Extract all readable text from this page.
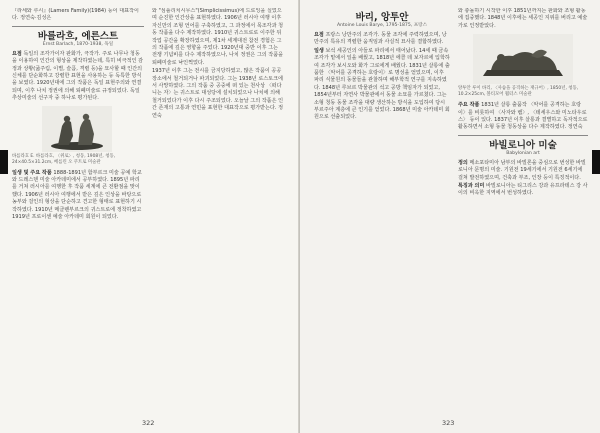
『라세와 루시』(Lamers Family)(1984) 등이 대표작이다. 정연숙·김성은

바를라흐, 에른스트
Ernst Barlach, 1870-1938, 독일

요점 독일의 조각가이자 판화가, 극작가. 주로 나무나 청동을 이용하여 인간의 형상을 제작하였는데, 특히 비극적인 감정과 상황(굶주림, 이별, 슬픔, 격렬 등)을 묘사할 때 인간의 신체를 단순화하고 강렬한 표현을 사용하는 등 독특한 방식을 보였다. 1920년대에 그의 작품은 독일 표현주의와 연결되며, 이후 나치 정권에 의해 퇴폐미술로 규정되었다. 독일 추상미술의 선구자 중 하나로 평가된다.

바를라흐 E. 바를라흐, 〈위로〉, 청동, 1908년, 청동, 24×40.5×31.2cm, 베를린 오 쿠트로 미술관

일생 및 주요 작품 1888-1891년 함부르크 미술 공예 학교와 드레스덴 미술 아카데미에서 공부하였다. 1895년 파리를 거쳐 러시아를 여행한 후 작품 세계에 큰 전환점을 맞이했다. 1906년 러시아 여행에서 받은 깊은 인상을 바탕으로 농부와 걸인의 형상을 단순하고 견고한 형태로 표현하기 시작하였다. 1910년 메클렌부르크의 귀스트로에 정착하였고 1919년 프로이센 예술 아카데미 회원이 되었다.

와 "심플리치시무스"(Simplicissimus)에 드로잉을 실었으며 순진한 인간상을 표현하였다. 1906년 러시아 여행 이후 자신만의 조형 언어를 구축하였고, 그 과정에서 목조각과 청동 작품을 다수 제작하였다. 1910년 귀스트로로 이주한 뒤 작업 공간을 확장하였으며, 제1차 세계대전 참전 경험은 그의 작품에 깊은 영향을 주었다. 1920년대 중반 이후 그는 전쟁 기념비를 다수 제작하였으나, 나치 정권은 그의 작품을 퇴폐미술로 낙인찍었다.

1937년 이후 그는 전시를 금지당하였고, 많은 작품이 공공장소에서 철거되거나 파괴되었다. 그는 1938년 로스토크에서 사망하였다. 그의 작품 중 공중에 떠 있는 천사상 〈떠다니는 자〉는 귀스트로 대성당에 설치되었으나 나치에 의해 철거되었다가 이후 다시 주조되었다. 오늘날 그의 작품은 인간 존재의 고통과 연민을 표현한 대표작으로 평가받는다. 정연숙

322
바리, 앙투안
Antoine Louis Barye, 1795-1875, 프랑스

요점 프랑스 낭만주의 조각가. 동물 조각에 주력하였으며, 낭만주의 특유의 격렬한 움직임과 사실적 묘사를 결합하였다.

일생 보석 세공인의 아들로 파리에서 태어났다. 14세 때 금속 조각가 밑에서 일을 배웠고, 1818년 에콜 데 보자르에 입학하여 조각가 보시오와 화가 그로에게 배웠다. 1831년 살롱에 출품한 〈악어를 공격하는 호랑이〉로 명성을 얻었으며, 이후 파리 식물원의 동물들을 관찰하며 해부학적 연구를 지속하였다. 1848년 루브르 박물관의 석고 공방 책임자가 되었고, 1854년부터 자연사 박물관에서 동물 소묘를 가르쳤다. 그는 소형 청동 동물 조각을 대량 생산하는 방식을 도입하여 당시 부르주아 계층에 큰 인기를 얻었다. 1868년 미술 아카데미 회원으로 선출되었다.

와 충돌하기 시작한 이후 1851년까지는 판화와 조형 활동에 집중했다. 1848년 이후에는 세공인 지위를 버리고 예술가로 인정받았다.

앙투안 루이 바리, 〈사슴을 공격하는 재규어〉, 1850년, 청동, 10.2×25cm, 볼티모어 월터스 미술관

주요 작품 1831년 살롱 출품작 〈악어를 공격하는 호랑이〉를 비롯하여 〈사자와 뱀〉, 〈테세우스와 미노타우로스〉 등이 있다. 1837년 이후 살롱과 결별하고 독자적으로 활동하면서 소형 동물 청동상을 다수 제작하였다. 정연숙

바빌로니아 미술
Babylonian art

정의 메소포타미아 남부의 바빌론을 중심으로 번성한 바빌로니아 문명의 미술. 기원전 19세기에서 기원전 6세기에 걸쳐 발전하였으며, 건축과 부조, 인장 등이 특징적이다.

특징과 의미 바빌로니아는 티그리스 강과 유프라테스 강 사이의 비옥한 지역에서 번성하였다.

323
